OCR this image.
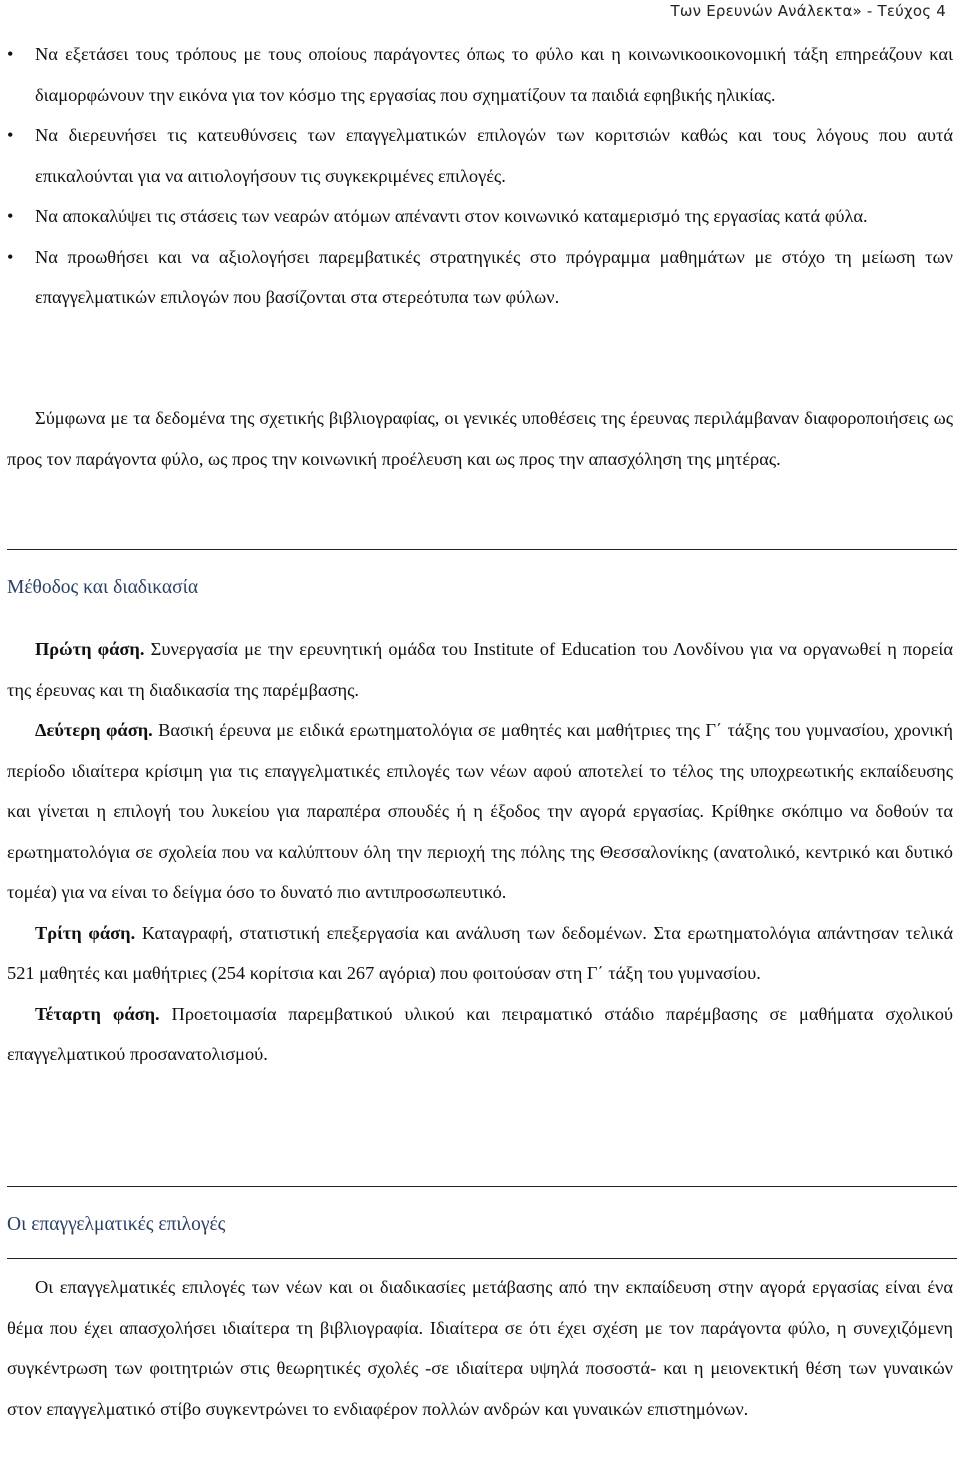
Των Ερευνών Ανάλεκτα» - Τεύχος 4
•	Να εξετάσει τους τρόπους με τους οποίους παράγοντες όπως το φύλο και η κοινωνικοοικονομική τάξη επηρεάζουν και διαμορφώνουν την εικόνα για τον κόσμο της εργασίας που σχηματίζουν τα παιδιά εφηβικής ηλικίας.
•	Να διερευνήσει τις κατευθύνσεις των επαγγελματικών επιλογών των κοριτσιών καθώς και τους λόγους που αυτά επικαλούνται για να αιτιολογήσουν τις συγκεκριμένες επιλογές.
•	Να αποκαλύψει τις στάσεις των νεαρών ατόμων απέναντι στον κοινωνικό καταμερισμό της εργασίας κατά φύλα.
•	Να προωθήσει και να αξιολογήσει παρεμβατικές στρατηγικές στο πρόγραμμα μαθημάτων με στόχο τη μείωση των επαγγελματικών επιλογών που βασίζονται στα στερεότυπα των φύλων.
Σύμφωνα με τα δεδομένα της σχετικής βιβλιογραφίας, οι γενικές υποθέσεις της έρευνας περιλάμβαναν διαφοροποιήσεις ως προς τον παράγοντα φύλο, ως προς την κοινωνική προέλευση και ως προς την απασχόληση της μητέρας.
Μέθοδος και διαδικασία
Πρώτη φάση. Συνεργασία με την ερευνητική ομάδα του Institute of Education του Λονδίνου για να οργανωθεί η πορεία της έρευνας και τη διαδικασία της παρέμβασης.
Δεύτερη φάση. Βασική έρευνα με ειδικά ερωτηματολόγια σε μαθητές και μαθήτριες της Γ΄ τάξης του γυμνασίου, χρονική περίοδο ιδιαίτερα κρίσιμη για τις επαγγελματικές επιλογές των νέων αφού αποτελεί το τέλος της υποχρεωτικής εκπαίδευσης και γίνεται η επιλογή του λυκείου για παραπέρα σπουδές ή η έξοδος την αγορά εργασίας. Κρίθηκε σκόπιμο να δοθούν τα ερωτηματολόγια σε σχολεία που να καλύπτουν όλη την περιοχή της πόλης της Θεσσαλονίκης (ανατολικό, κεντρικό και δυτικό τομέα) για να είναι το δείγμα όσο το δυνατό πιο αντιπροσωπευτικό.
Τρίτη φάση. Καταγραφή, στατιστική επεξεργασία και ανάλυση των δεδομένων. Στα ερωτηματολόγια απάντησαν τελικά 521 μαθητές και μαθήτριες (254 κορίτσια και 267 αγόρια) που φοιτούσαν στη Γ΄ τάξη του γυμνασίου.
Τέταρτη φάση. Προετοιμασία παρεμβατικού υλικού και πειραματικό στάδιο παρέμβασης σε μαθήματα σχολικού επαγγελματικού προσανατολισμού.
Οι επαγγελματικές επιλογές
Οι επαγγελματικές επιλογές των νέων και οι διαδικασίες μετάβασης από την εκπαίδευση στην αγορά εργασίας είναι ένα θέμα που έχει απασχολήσει ιδιαίτερα τη βιβλιογραφία. Ιδιαίτερα σε ότι έχει σχέση με τον παράγοντα φύλο, η συνεχιζόμενη συγκέντρωση των φοιτητριών στις θεωρητικές σχολές -σε ιδιαίτερα υψηλά ποσοστά- και η μειονεκτική θέση των γυναικών στον επαγγελματικό στίβο συγκεντρώνει το ενδιαφέρον πολλών ανδρών και γυναικών επιστημόνων.
